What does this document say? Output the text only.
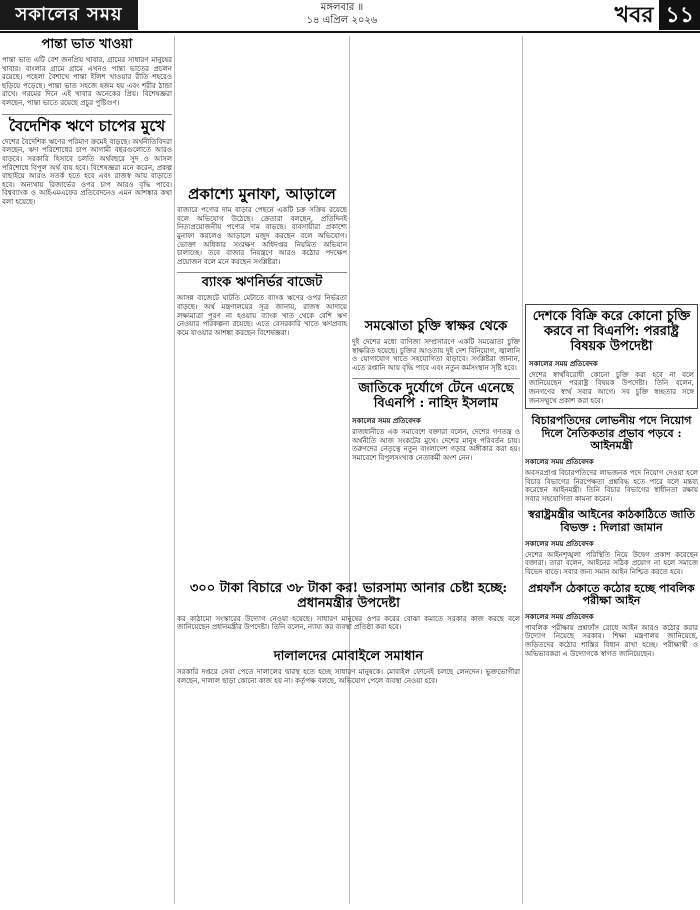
সকালের সময়	মঙ্গলবার ॥
১৪ এপ্রিল ২০২৬	খবর ১১
পান্তা ভাত খাওয়া

পান্তা ভাত এটি বেশ জনপ্রিয় খাবার, গ্রামের সাধারণ মানুষের খাবার। বাংলার গ্রামে গ্রামে এখনও পান্তা ভাতের প্রচলন রয়েছে। পহেলা বৈশাখে পান্তা ইলিশ খাওয়ার রীতি শহরেও ছড়িয়ে পড়েছে। পান্তা ভাত সহজে হজম হয় এবং শরীর ঠান্ডা রাখে। গরমের দিনে এই খাবার অনেকের প্রিয়। বিশেষজ্ঞরা বলছেন, পান্তা ভাতে রয়েছে প্রচুর পুষ্টিগুণ।

বৈদেশিক ঋণে চাপের মুখে

দেশের বৈদেশিক ঋণের পরিমাণ ক্রমেই বাড়ছে। অর্থনীতিবিদরা বলছেন, ঋণ পরিশোধের চাপ আগামী বছরগুলোতে আরও বাড়বে। সরকারি হিসাবে চলতি অর্থবছরে সুদ ও আসল পরিশোধে বিপুল অর্থ ব্যয় হবে। বিশেষজ্ঞরা মনে করেন, প্রকল্প বাছাইয়ে আরও সতর্ক হতে হবে এবং রাজস্ব আয় বাড়াতে হবে। অন্যথায় রিজার্ভের ওপর চাপ আরও বৃদ্ধি পাবে। বিশ্বব্যাংক ও আইএমএফের প্রতিবেদনেও এমন আশঙ্কার কথা বলা হয়েছে।	প্রকাশ্যে মুনাফা, আড়ালে

বাজারে পণ্যের দাম বাড়ার পেছনে একটি চক্র সক্রিয় রয়েছে বলে অভিযোগ উঠেছে। ক্রেতারা বলছেন, প্রতিদিনই নিত্যপ্রয়োজনীয় পণ্যের দাম বাড়ছে। ব্যবসায়ীরা প্রকাশ্যে মুনাফা করলেও আড়ালে মজুদ করছেন বলে অভিযোগ। ভোক্তা অধিকার সংরক্ষণ অধিদপ্তর নিয়মিত অভিযান চালাচ্ছে। তবে বাজার নিয়ন্ত্রণে আরও কঠোর পদক্ষেপ প্রয়োজন বলে মনে করছেন সংশ্লিষ্টরা।

ব্যাংক ঋণনির্ভর বাজেট

আসন্ন বাজেটে ঘাটতি মেটাতে ব্যাংক ঋণের ওপর নির্ভরতা বাড়ছে। অর্থ মন্ত্রণালয়ের সূত্র জানায়, রাজস্ব আদায়ে লক্ষ্যমাত্রা পূরণ না হওয়ায় ব্যাংক খাত থেকে বেশি ঋণ নেওয়ার পরিকল্পনা রয়েছে। এতে বেসরকারি খাতে ঋণপ্রবাহ কমে যাওয়ার আশঙ্কা করছেন বিশেষজ্ঞরা।	সমঝোতা চুক্তি স্বাক্ষর থেকে

দুই দেশের মধ্যে বাণিজ্য সম্প্রসারণে একটি সমঝোতা চুক্তি স্বাক্ষরিত হয়েছে। চুক্তির আওতায় দুই দেশ বিনিয়োগ, জ্বালানি ও যোগাযোগ খাতে সহযোগিতা বাড়াবে। সংশ্লিষ্টরা জানান, এতে রপ্তানি আয় বৃদ্ধি পাবে এবং নতুন কর্মসংস্থান সৃষ্টি হবে।

জাতিকে দুর্যোগে টেনে এনেছে বিএনপি : নাহিদ ইসলাম
সকালের সময় প্রতিবেদক

রাজধানীতে এক সমাবেশে বক্তারা বলেন, দেশের গণতন্ত্র ও অর্থনীতি আজ সংকটের মুখে। দেশের মানুষ পরিবর্তন চায়। তরুণদের নেতৃত্বে নতুন বাংলাদেশ গড়ার অঙ্গীকার করা হয়। সমাবেশে বিপুলসংখ্যক নেতাকর্মী অংশ নেন।

৩০০ টাকা বিচারে ৩৮ টাকা কর! ভারসাম্য আনার চেষ্টা হচ্ছে: প্রধানমন্ত্রীর উপদেষ্টা

কর কাঠামো সংস্কারের উদ্যোগ নেওয়া হয়েছে। সাধারণ মানুষের ওপর করের বোঝা কমাতে সরকার কাজ করছে বলে জানিয়েছেন প্রধানমন্ত্রীর উপদেষ্টা। তিনি বলেন, ন্যায্য কর ব্যবস্থা প্রতিষ্ঠা করা হবে।

দালালদের মোবাইলে সমাধান

সরকারি দপ্তরে সেবা পেতে দালালের দ্বারস্থ হতে হচ্ছে সাধারণ মানুষকে। মোবাইল ফোনেই চলছে লেনদেন। ভুক্তভোগীরা বলছেন, দালাল ছাড়া কোনো কাজ হয় না। কর্তৃপক্ষ বলছে, অভিযোগ পেলে ব্যবস্থা নেওয়া হবে।

দেশকে বিক্রি করে কোনো চুক্তি করবে না বিএনপি: পররাষ্ট্র বিষয়ক উপদেষ্টা
সকালের সময় প্রতিবেদক

দেশের স্বার্থবিরোধী কোনো চুক্তি করা হবে না বলে জানিয়েছেন পররাষ্ট্র বিষয়ক উপদেষ্টা। তিনি বলেন, জনগণের স্বার্থ সবার আগে। সব চুক্তি স্বচ্ছতার সঙ্গে জনসম্মুখে প্রকাশ করা হবে।

বিচারপতিদের লোভনীয় পদে নিয়োগ দিলে নৈতিকতার প্রভাব পড়বে : আইনমন্ত্রী
সকালের সময় প্রতিবেদক

অবসরপ্রাপ্ত বিচারপতিদের লাভজনক পদে নিয়োগ দেওয়া হলে বিচার বিভাগের নিরপেক্ষতা প্রশ্নবিদ্ধ হতে পারে বলে মন্তব্য করেছেন আইনমন্ত্রী। তিনি বিচার বিভাগের স্বাধীনতা রক্ষায় সবার সহযোগিতা কামনা করেন।

স্বরাষ্ট্রমন্ত্রীর আইনের কাঠকাঠিতে জাতি বিভক্ত : দিলারা জামান
সকালের সময় প্রতিবেদক

দেশের আইনশৃঙ্খলা পরিস্থিতি নিয়ে উদ্বেগ প্রকাশ করেছেন বক্তারা। তারা বলেন, আইনের সঠিক প্রয়োগ না হলে সমাজে বিভেদ বাড়ে। সবার জন্য সমান আইন নিশ্চিত করতে হবে।

প্রশ্নফাঁস ঠেকাতে কঠোর হচ্ছে পাবলিক পরীক্ষা আইন
সকালের সময় প্রতিবেদক

পাবলিক পরীক্ষায় প্রশ্নফাঁস রোধে আইন আরও কঠোর করার উদ্যোগ নিয়েছে সরকার। শিক্ষা মন্ত্রণালয় জানিয়েছে, জড়িতদের কঠোর শাস্তির বিধান রাখা হচ্ছে। পরীক্ষার্থী ও অভিভাবকরা এ উদ্যোগকে স্বাগত জানিয়েছেন।
